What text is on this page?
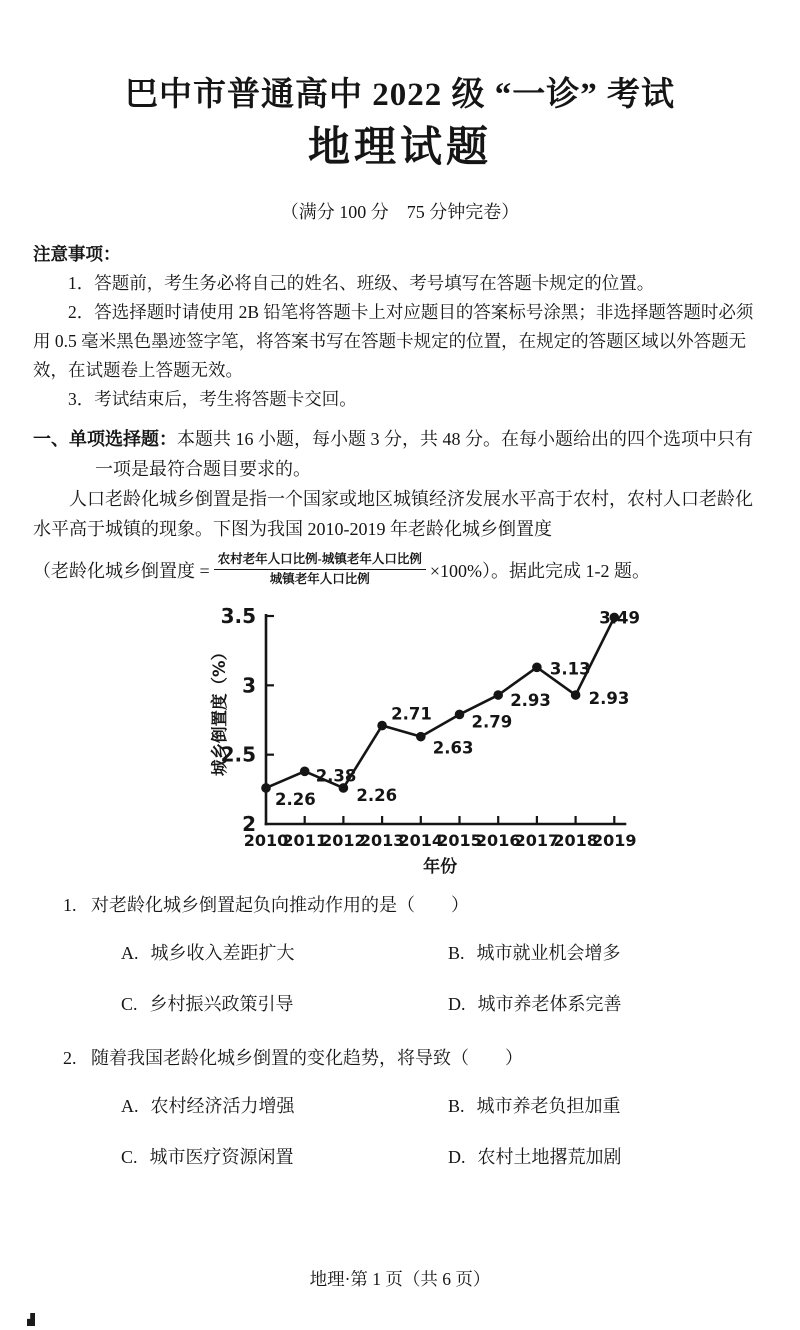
巴中市普通高中 2022 级 “一诊” 考试
地理试题
（满分 100 分　75 分钟完卷）
注意事项：

1．答题前，考生务必将自己的姓名、班级、考号填写在答题卡规定的位置。

2．答选择题时请使用 2B 铅笔将答题卡上对应题目的答案标号涂黑；非选择题答题时必须用 0.5 毫米黑色墨迹签字笔，将答案书写在答题卡规定的位置，在规定的答题区域以外答题无效，在试题卷上答题无效。

3．考试结束后，考生将答题卡交回。

一、单项选择题：本题共 16 小题，每小题 3 分，共 48 分。在每小题给出的四个选项中只有一项是最符合题目要求的。

人口老龄化城乡倒置是指一个国家或地区城镇经济发展水平高于农村，农村人口老龄化水平高于城镇的现象。下图为我国 2010-2019 年老龄化城乡倒置度

（老龄化城乡倒置度 = $\frac{\text{农村老年人口比例-城镇老年人口比例}}{\text{城镇老年人口比例}} \times 100\%$）。据此完成 1-2 题。
2
2.5
3
3.5
2010
2011
2012
2013
2014
2015
2016
2017
2018
2019
2.26
2.38
2.26
2.71
2.63
2.79
2.93
3.13
2.93
3.49
城乡倒置度（%）
年份
1. 对老龄化城乡倒置起负向推动作用的是（　　）
A. 城乡收入差距扩大	B. 城市就业机会增多
C. 乡村振兴政策引导	D. 城市养老体系完善
2. 随着我国老龄化城乡倒置的变化趋势，将导致（　　）
A. 农村经济活力增强	B. 城市养老负担加重
C. 城市医疗资源闲置	D. 农村土地撂荒加剧
地理·第 1 页（共 6 页）
